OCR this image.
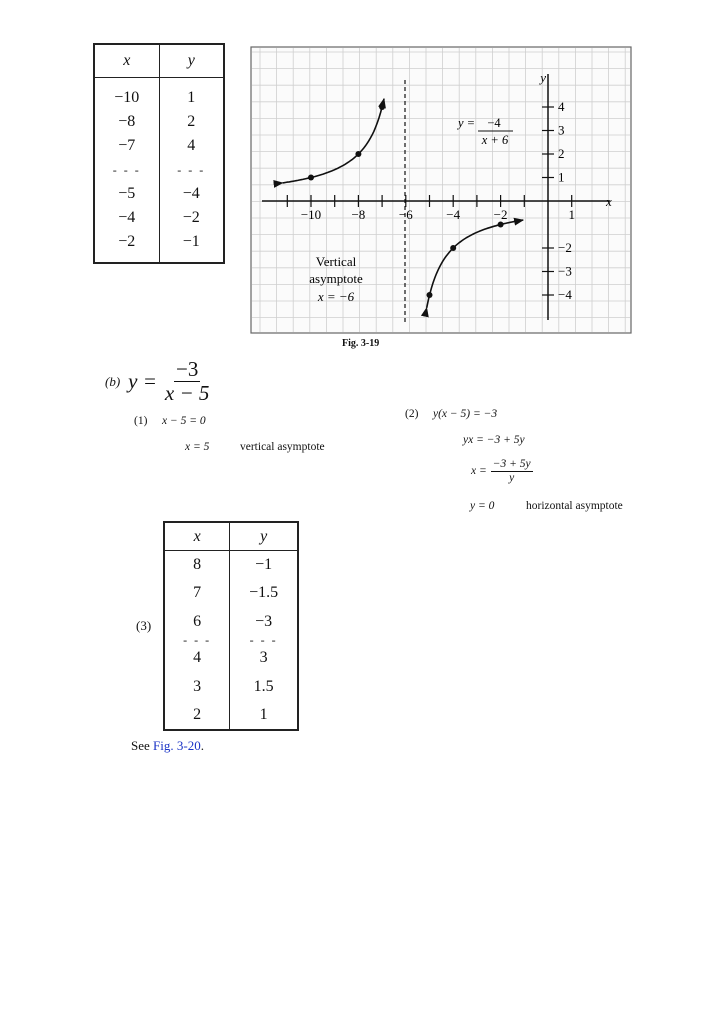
x	y

−10	1
−8	2
−7	4
- - -	- - -
−5	−4
−4	−2
−2	−1

−10 −8	−6	−4	−2	1
4
3
2
1
−2
−3
−4
y
x
y = −4
x + 6
Vertical
asymptote
x = −6
Fig. 3-19
(b) $y = \frac{-3}{x - 5}$
(1) x − 5 = 0
x = 5	vertical asymptote
(2) y(x − 5) = −3
yx = −3 + 5y
$x = \frac{-3 + 5y}{y}$
y = 0	horizontal asymptote
(3)
x	y
8	−1
7	−1.5
6	−3
- - -	- - -
4	3
3	1.5
2	1
See Fig. 3-20.
